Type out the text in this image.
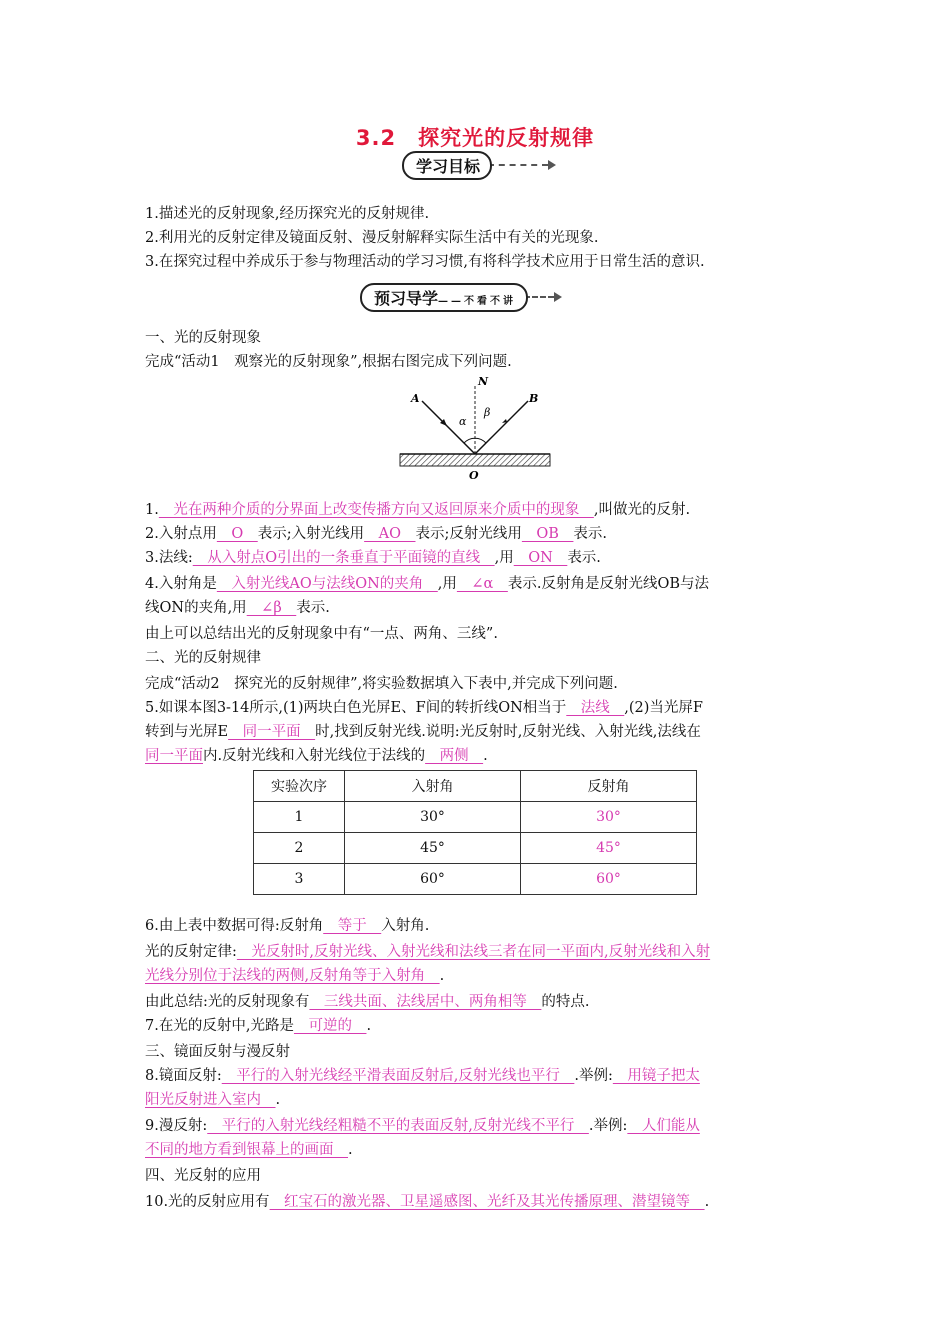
3.2　探究光的反射规律
学习目标
1.描述光的反射现象,经历探究光的反射规律.
2.利用光的反射定律及镜面反射、漫反射解释实际生活中有关的光现象.
3.在探究过程中养成乐于参与物理活动的学习习惯,有将科学技术应用于日常生活的意识.
预习导学——不看不讲
一、光的反射现象
完成“活动1　观察光的反射现象”,根据右图完成下列问题.
N
A	B
O
α
β
1.　光在两种介质的分界面上改变传播方向又返回原来介质中的现象　,叫做光的反射.
2.入射点用　O　表示;入射光线用　AO　表示;反射光线用　OB　表示.
3.法线:　从入射点O引出的一条垂直于平面镜的直线　,用　ON　表示.
4.入射角是　入射光线AO与法线ON的夹角　,用　∠α　表示.反射角是反射光线OB与法
线ON的夹角,用　∠β　表示.
由上可以总结出光的反射现象中有“一点、两角、三线”.
二、光的反射规律
完成“活动2　探究光的反射规律”,将实验数据填入下表中,并完成下列问题.
5.如课本图3-14所示,(1)两块白色光屏E、F间的转折线ON相当于　法线　,(2)当光屏F
转到与光屏E　同一平面　时,找到反射光线.说明:光反射时,反射光线、入射光线,法线在
同一平面内.反射光线和入射光线位于法线的　两侧　.
实验次序	入射角	反射角
1	30°	30°
2	45°	45°
3	60°	60°
6.由上表中数据可得:反射角　等于　入射角.
光的反射定律:　光反射时,反射光线、入射光线和法线三者在同一平面内,反射光线和入射
光线分别位于法线的两侧,反射角等于入射角　.
由此总结:光的反射现象有　三线共面、法线居中、两角相等　的特点.
7.在光的反射中,光路是　可逆的　.
三、镜面反射与漫反射
8.镜面反射:　平行的入射光线经平滑表面反射后,反射光线也平行　.举例:　用镜子把太
阳光反射进入室内　.
9.漫反射:　平行的入射光线经粗糙不平的表面反射,反射光线不平行　.举例:　人们能从
不同的地方看到银幕上的画面　.
四、光反射的应用
10.光的反射应用有　红宝石的激光器、卫星遥感图、光纤及其光传播原理、潜望镜等　.
